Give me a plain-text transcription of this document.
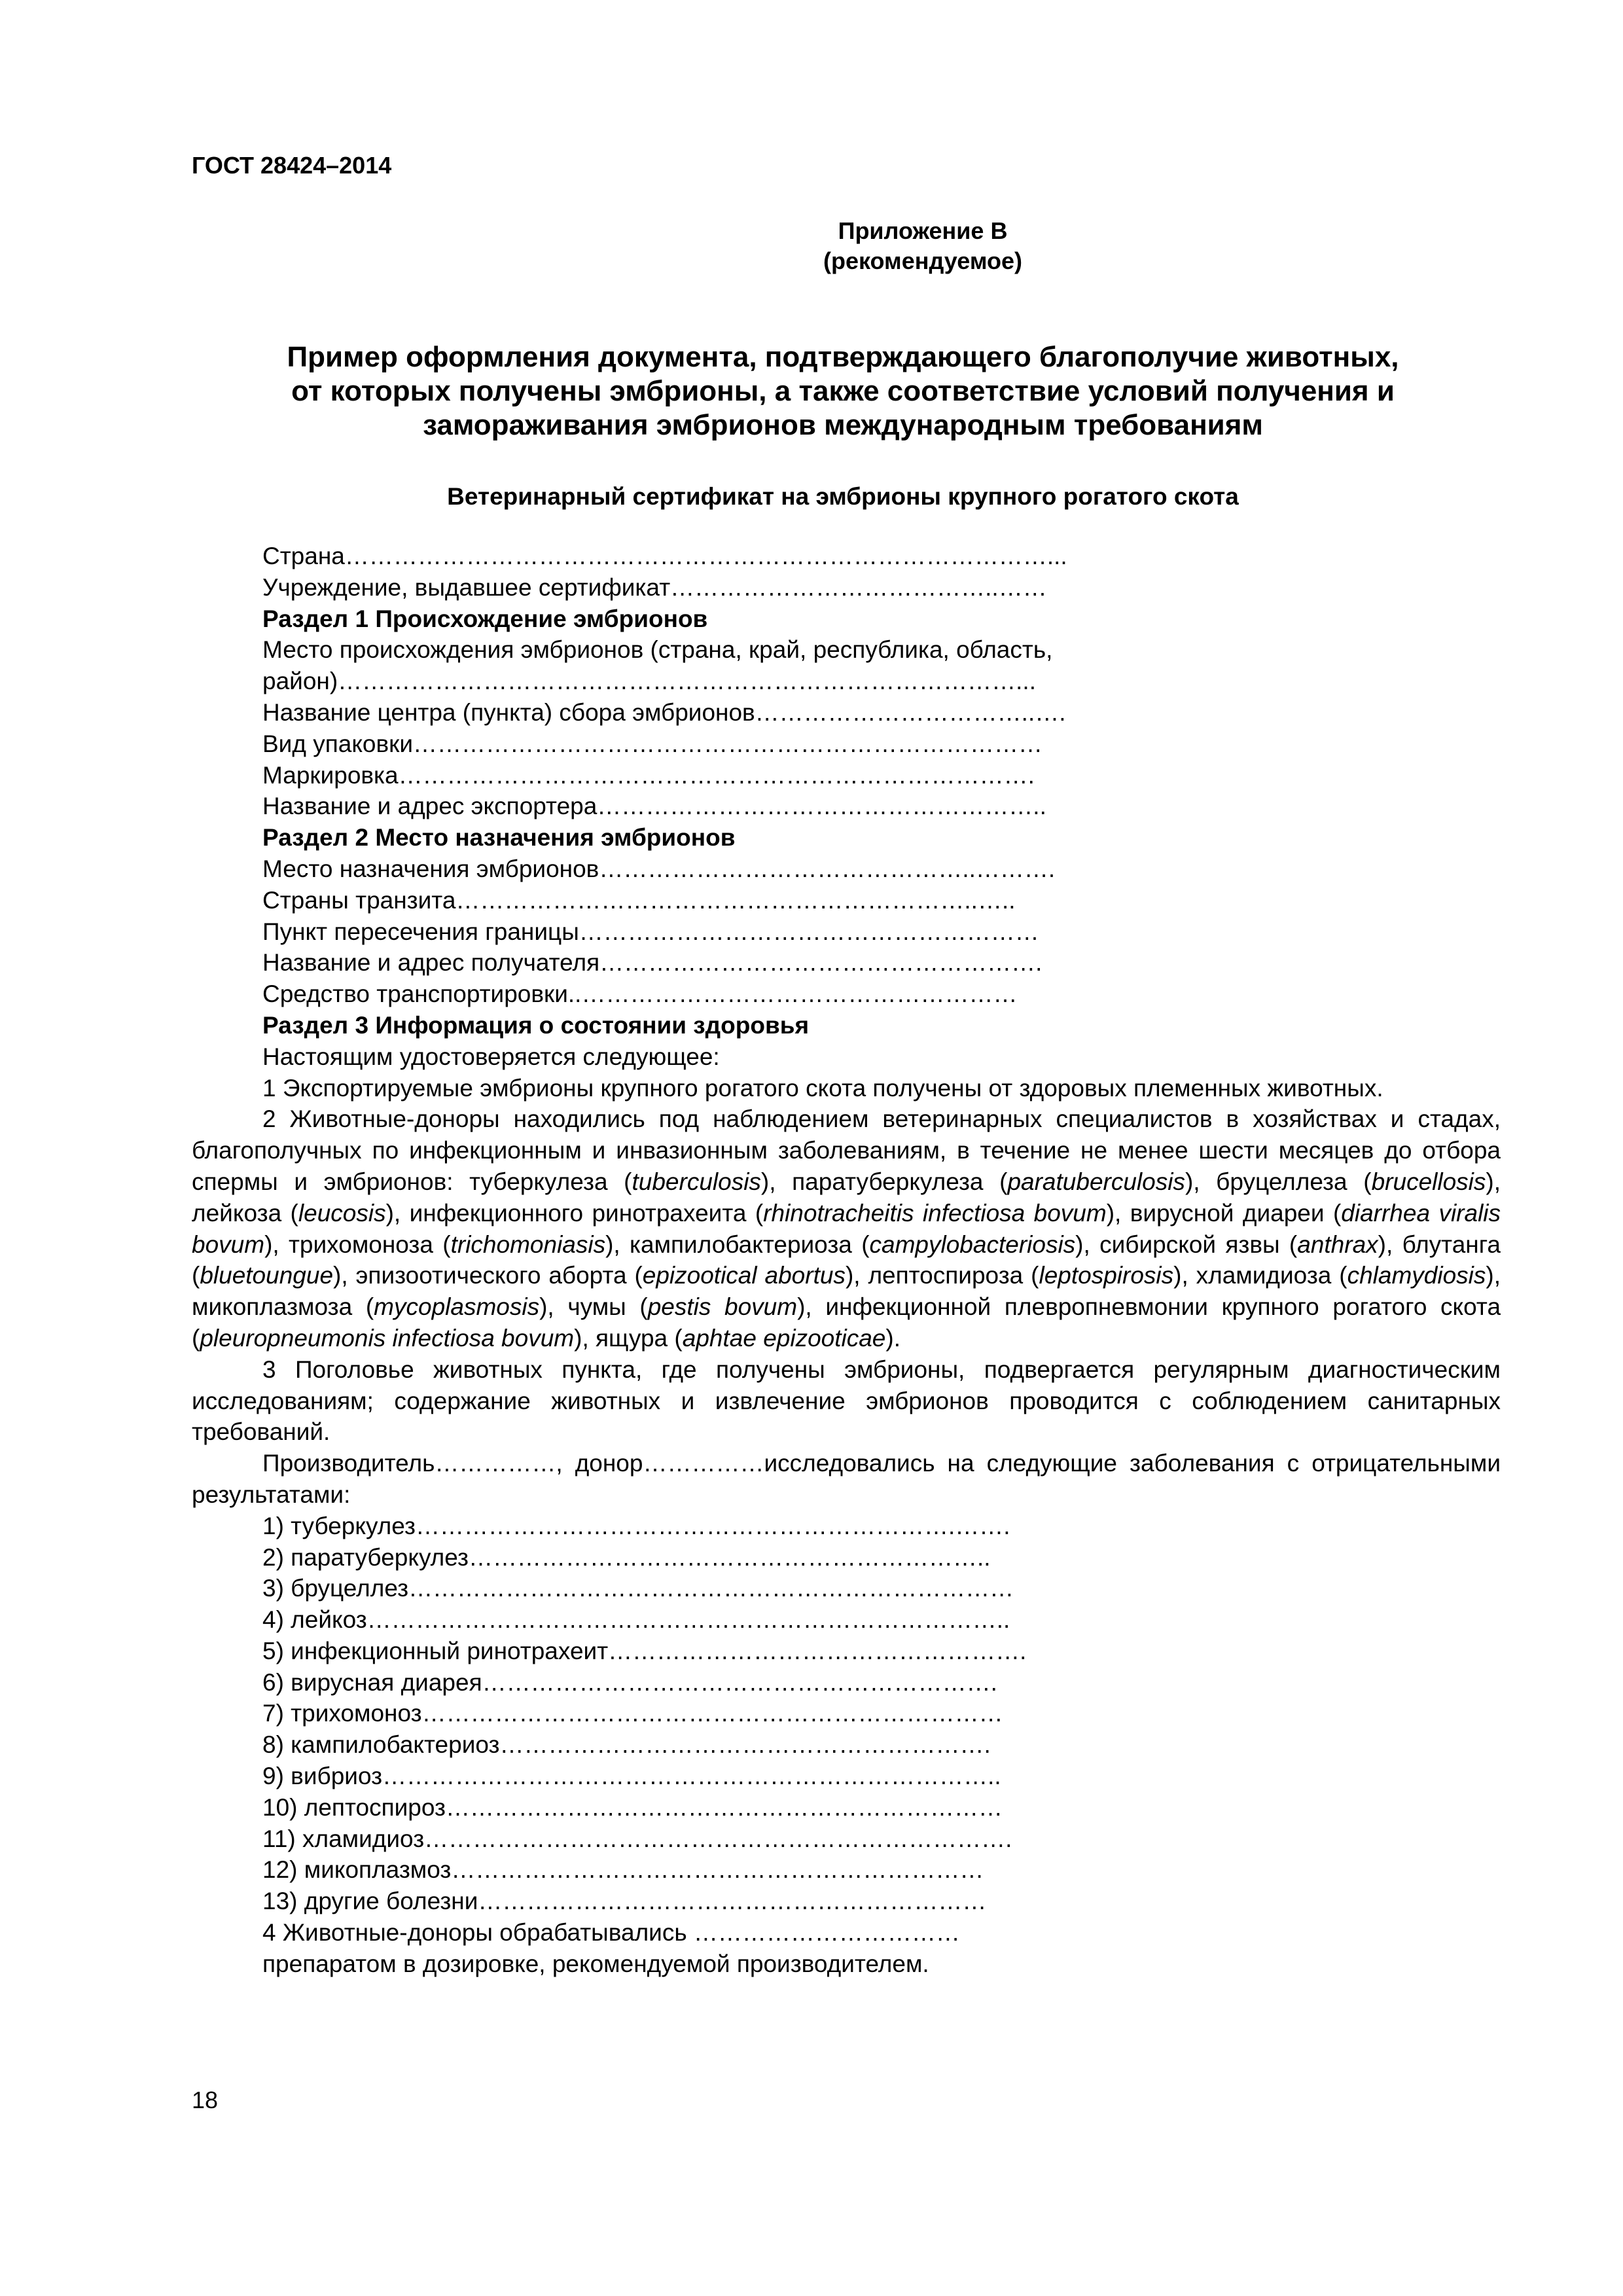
ГОСТ 28424–2014
Приложение В
(рекомендуемое)
Пример оформления документа, подтверждающего благополучие животных,
от которых получены эмбрионы, а также соответствие условий получения и
замораживания эмбрионов международным требованиям
Ветеринарный сертификат на эмбрионы крупного рогатого скота
Страна……………………………………………………………………………...
Учреждение, выдавшее сертификат…………………………………..……
Раздел 1 Происхождение эмбрионов
Место происхождения эмбрионов (страна, край, республика, область,
район)…………………………………………………………………………...
Название центра (пункта) сбора эмбрионов……………………………..….
Вид упаковки……………………………………………………………………
Маркировка…………………………………………………………………….
Название и адрес экспортера………………………………………………..
Раздел 2 Место назначения эмбрионов
Место назначения эмбрионов………………………………………..……….
Страны транзита………………………………………………………..…..
Пункт пересечения границы…………………………………………………
Название и адрес получателя……………………………………………….
Средство транспортировки..………………………………………………
Раздел 3 Информация о состоянии здоровья
Настоящим удостоверяется следующее:
1 Экспортируемые эмбрионы крупного рогатого скота получены от здоровых племенных животных.
2 Животные-доноры находились под наблюдением ветеринарных специалистов в хозяйствах и стадах, благополучных по инфекционным и инвазионным заболеваниям, в течение не менее шести месяцев до отбора спермы и эмбрионов: туберкулеза (tuberculosis), паратуберкулеза (paratuberculosis), бруцеллеза (brucellosis), лейкоза (leucosis), инфекционного ринотрахеита (rhinotracheitis infectiosa bovum), вирусной диареи (diarrhea viralis bovum), трихомоноза (trichomoniasis), кампилобактериоза (campylobacteriosis), сибирской язвы (anthrax), блутанга (bluetoungue), эпизоотического аборта (epizootical abortus), лептоспироза (leptospirosis), хламидиоза (chlamydiosis), микоплазмоза (mycoplasmosis), чумы (pestis bovum), инфекционной плевропневмонии крупного рогатого скота (pleuropneumonis infectiosa bovum), ящура (aphtae epizooticae).
3 Поголовье животных пункта, где получены эмбрионы, подвергается регулярным диагностическим исследованиям; содержание животных и извлечение эмбрионов проводится с соблюдением санитарных требований.
Производитель……………, донор……………исследовались на следующие заболевания с отрицательными результатами:
1) туберкулез………………………………………………………….…….
2) паратуберкулез………………………………………………………..
3) бруцеллез…………………………………………………………………
4) лейкоз……………………………………………………………………..
5) инфекционный ринотрахеит…………………………………………….
6) вирусная диарея……………………………………………………….
7) трихомоноз………………………………………………………………
8) кампилобактериоз…………………………………………………….
9) вибриоз…………………………………………………………………..
10) лептоспироз……………………………………………………………
11) хламидиоз……………………………………………………………….
12) микоплазмоз…………………………………………………………
13) другие болезни………………………………………………………
4 Животные-доноры обрабатывались ……………………………
препаратом в дозировке, рекомендуемой производителем.
18
